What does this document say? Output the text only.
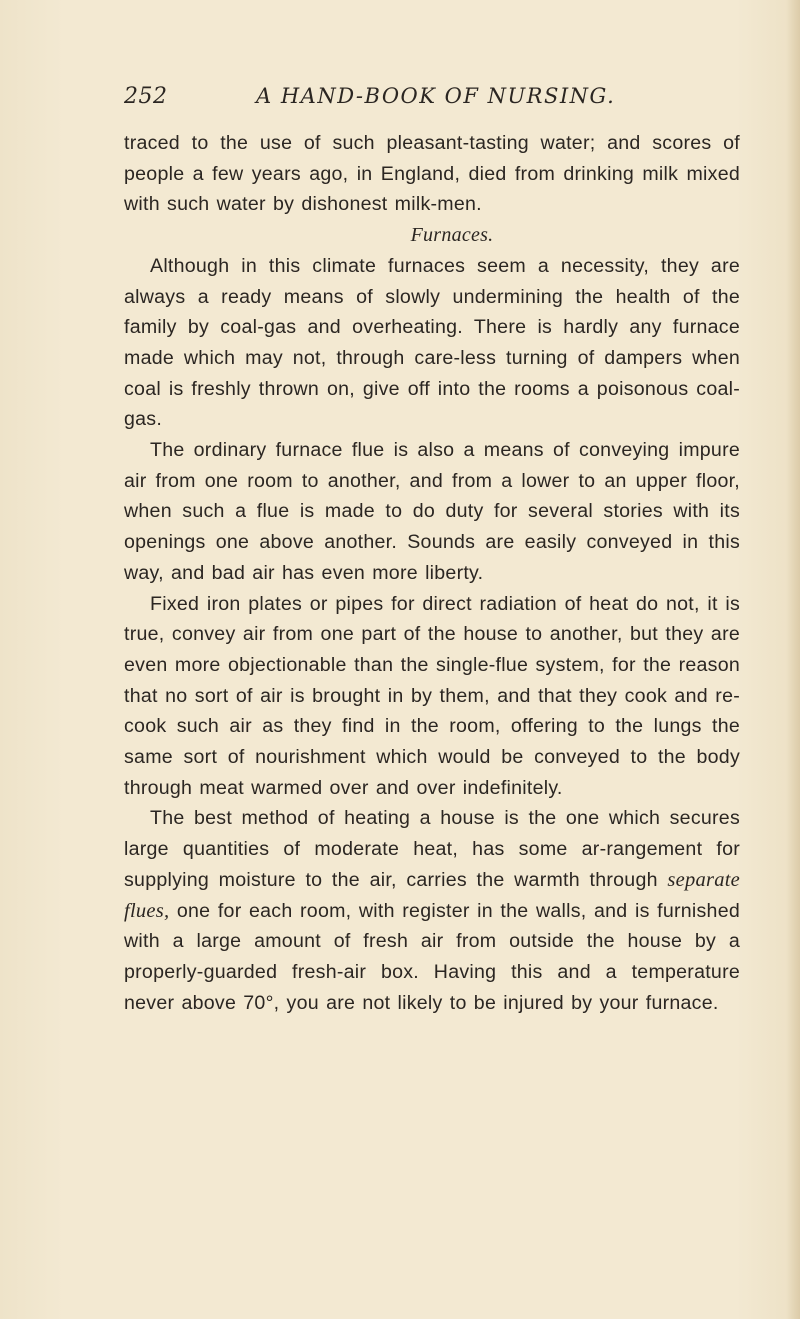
252	A HAND-BOOK OF NURSING.

traced to the use of such pleasant-tasting water; and scores of people a few years ago, in England, died from drinking milk mixed with such water by dishonest milk-men.

Furnaces.

Although in this climate furnaces seem a necessity, they are always a ready means of slowly undermining the health of the family by coal-gas and overheating. There is hardly any furnace made which may not, through care-less turning of dampers when coal is freshly thrown on, give off into the rooms a poisonous coal-gas.

The ordinary furnace flue is also a means of conveying impure air from one room to another, and from a lower to an upper floor, when such a flue is made to do duty for several stories with its openings one above another. Sounds are easily conveyed in this way, and bad air has even more liberty.

Fixed iron plates or pipes for direct radiation of heat do not, it is true, convey air from one part of the house to another, but they are even more objectionable than the single-flue system, for the reason that no sort of air is brought in by them, and that they cook and re-cook such air as they find in the room, offering to the lungs the same sort of nourishment which would be conveyed to the body through meat warmed over and over indefinitely.

The best method of heating a house is the one which secures large quantities of moderate heat, has some ar-rangement for supplying moisture to the air, carries the warmth through separate flues, one for each room, with register in the walls, and is furnished with a large amount of fresh air from outside the house by a properly-guarded fresh-air box. Having this and a temperature never above 70°, you are not likely to be injured by your furnace.
